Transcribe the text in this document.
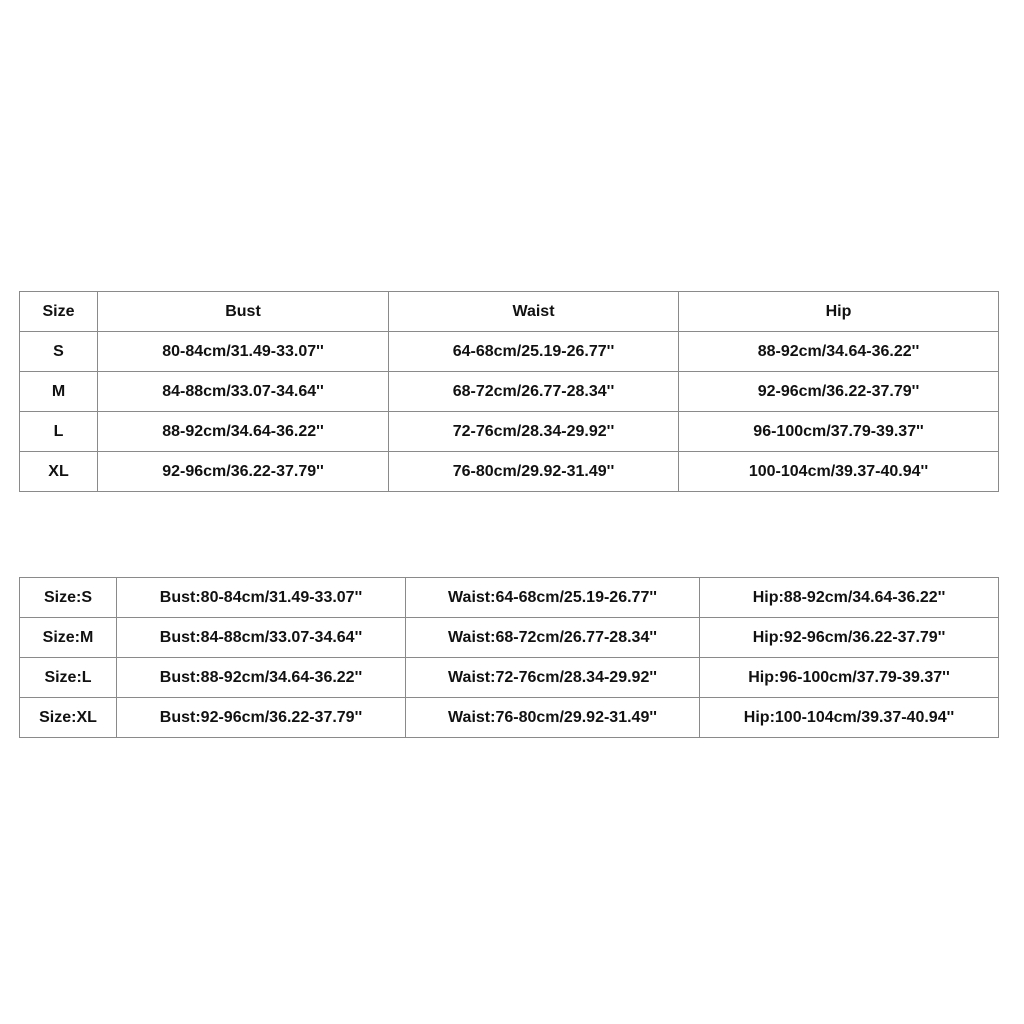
Size	Bust	Waist	Hip
S	80-84cm/31.49-33.07''	64-68cm/25.19-26.77''	88-92cm/34.64-36.22''
M	84-88cm/33.07-34.64''	68-72cm/26.77-28.34''	92-96cm/36.22-37.79''
L	88-92cm/34.64-36.22''	72-76cm/28.34-29.92''	96-100cm/37.79-39.37''
XL	92-96cm/36.22-37.79''	76-80cm/29.92-31.49''	100-104cm/39.37-40.94''
Size:S	Bust:80-84cm/31.49-33.07''	Waist:64-68cm/25.19-26.77''	Hip:88-92cm/34.64-36.22''
Size:M	Bust:84-88cm/33.07-34.64''	Waist:68-72cm/26.77-28.34''	Hip:92-96cm/36.22-37.79''
Size:L	Bust:88-92cm/34.64-36.22''	Waist:72-76cm/28.34-29.92''	Hip:96-100cm/37.79-39.37''
Size:XL	Bust:92-96cm/36.22-37.79''	Waist:76-80cm/29.92-31.49''	Hip:100-104cm/39.37-40.94''
